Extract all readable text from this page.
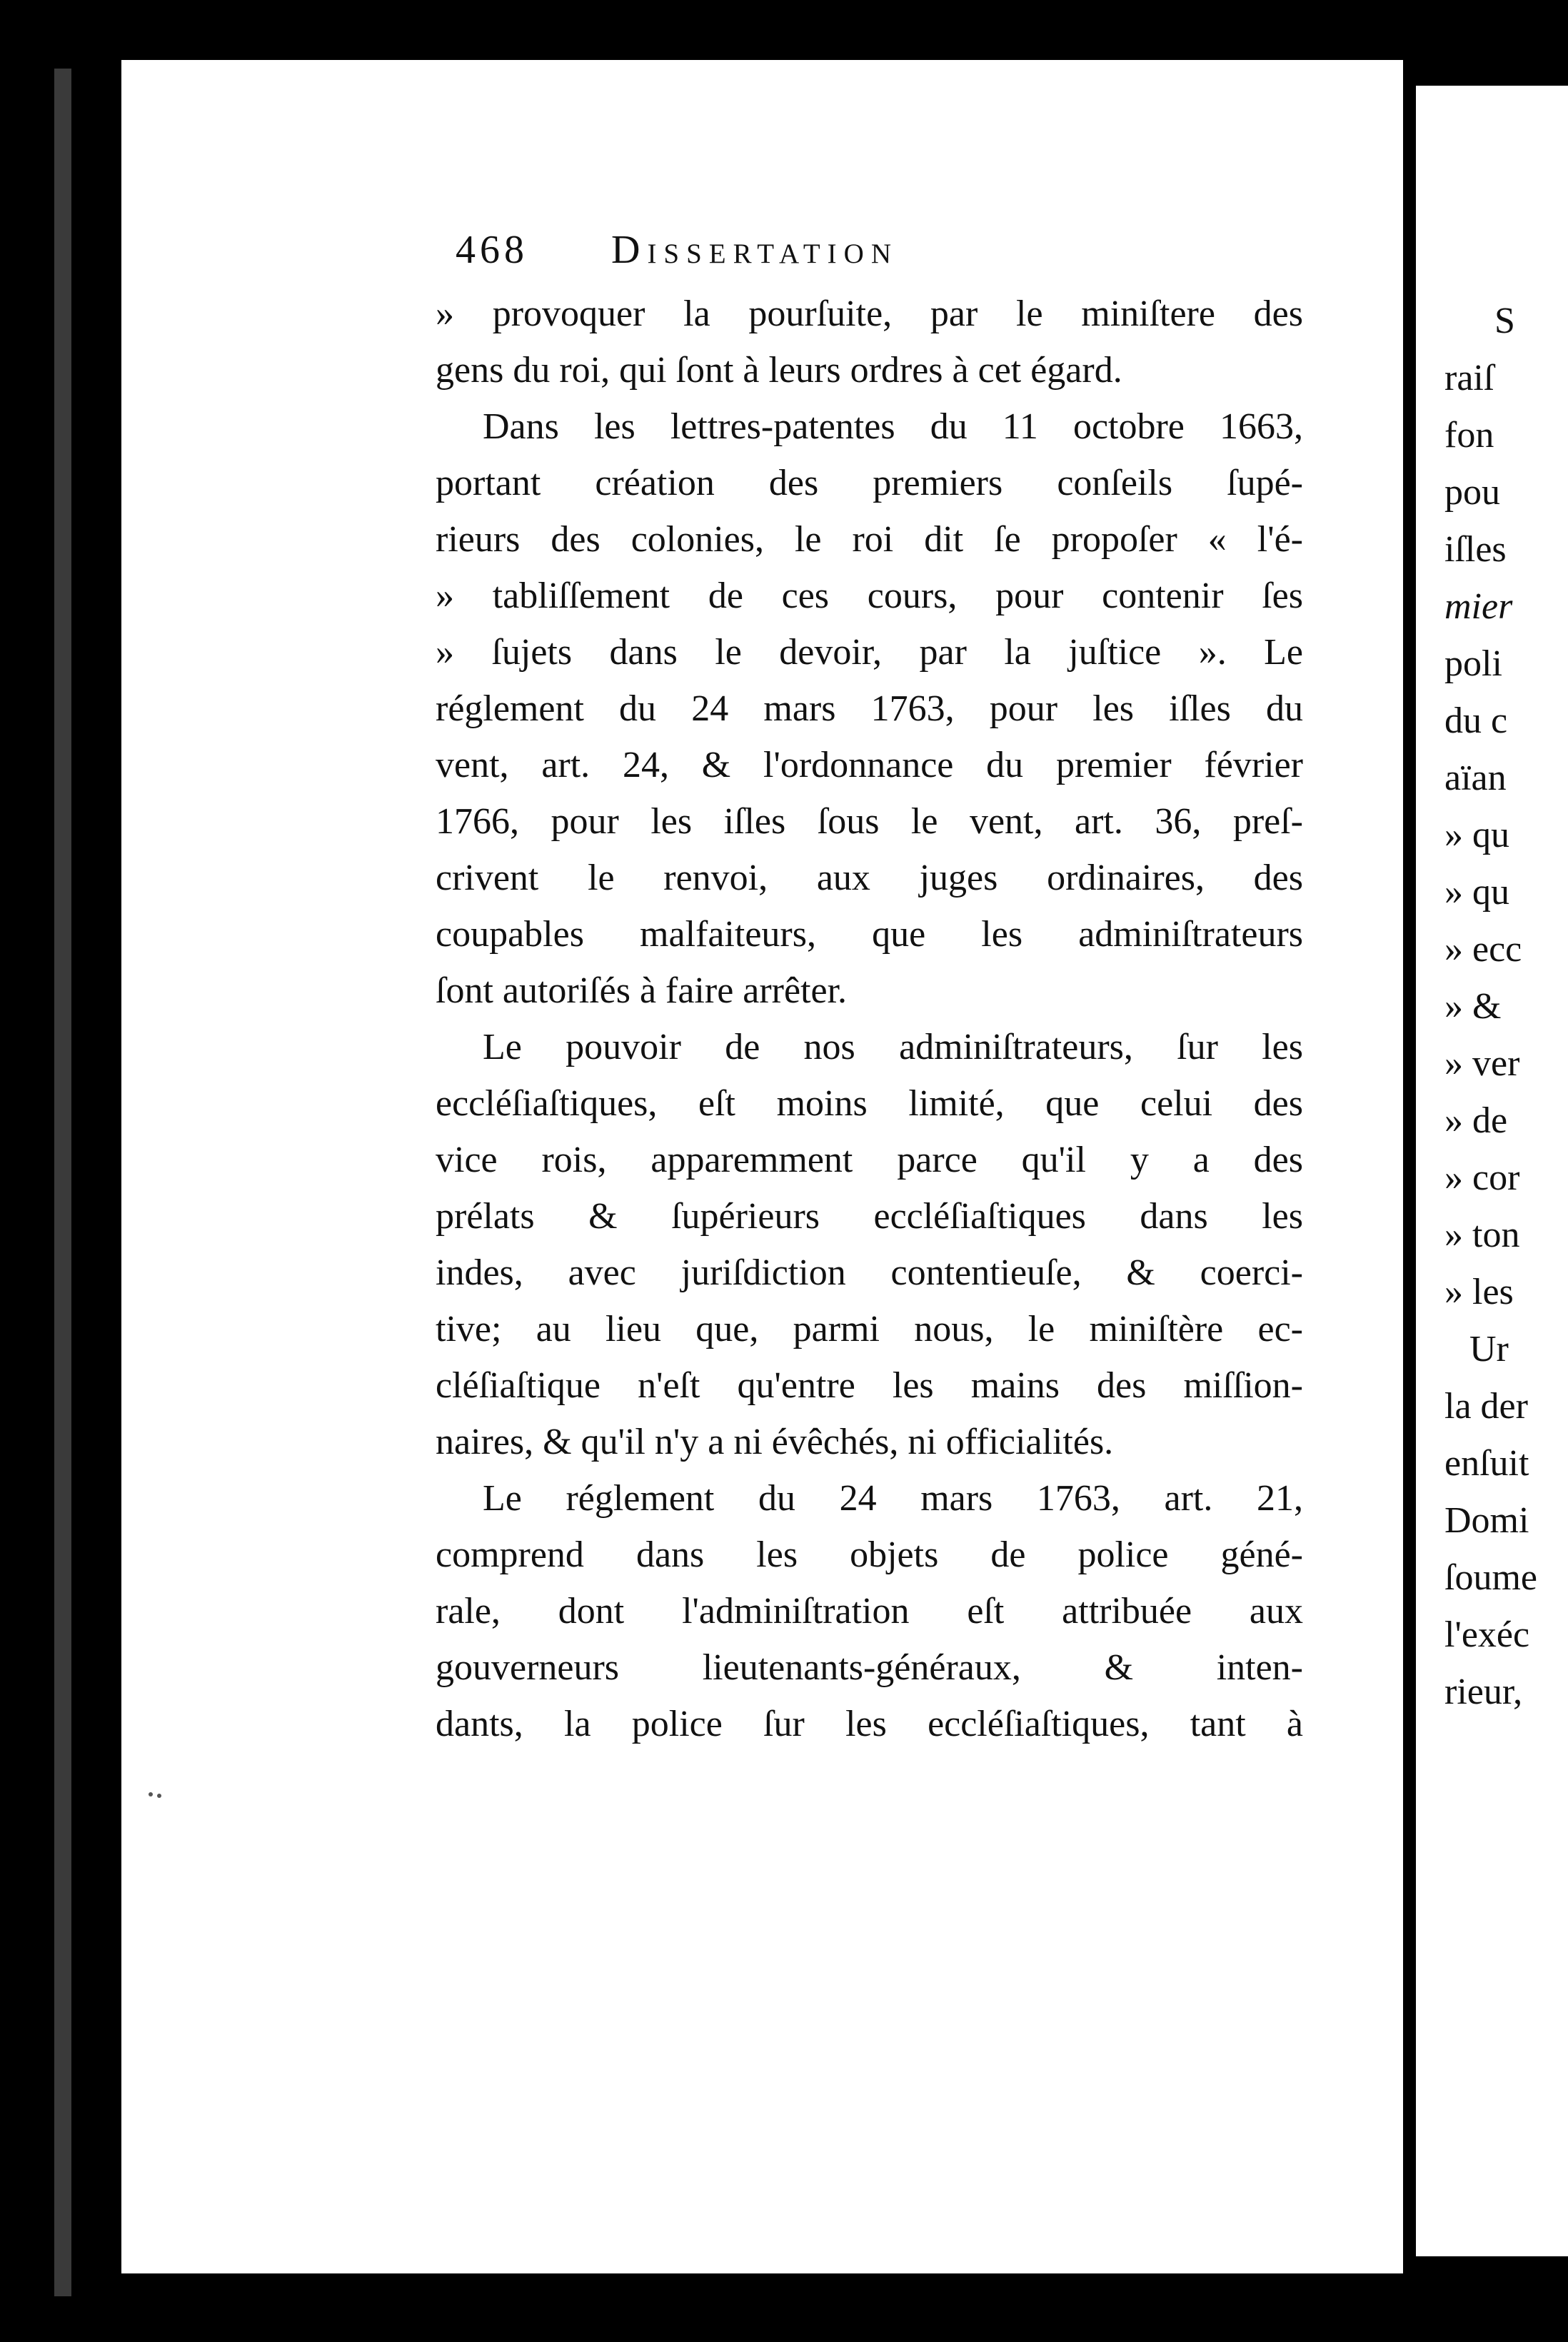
S
raiſ
fon
pou
iſles
mier
poli
du c
aïan
» qu
» qu
» ecc
» &
» ver
» de
» cor
» ton
» les
Ur
la der
enſuit
Domi
ſoume
l'exéc
rieur,
468 Dissertation
» provoquer la pourſuite, par le miniſtere des
gens du roi, qui ſont à leurs ordres à cet égard.
Dans les lettres-patentes du 11 octobre 1663,
portant création des premiers conſeils ſupé-
rieurs des colonies, le roi dit ſe propoſer « l'é-
» tabliſſement de ces cours, pour contenir ſes
» ſujets dans le devoir, par la juſtice ». Le
réglement du 24 mars 1763, pour les iſles du
vent, art. 24, & l'ordonnance du premier février
1766, pour les iſles ſous le vent, art. 36, preſ-
crivent le renvoi, aux juges ordinaires, des
coupables malfaiteurs, que les adminiſtrateurs
ſont autoriſés à faire arrêter.
Le pouvoir de nos adminiſtrateurs, ſur les
eccléſiaſtiques, eſt moins limité, que celui des
vice rois, apparemment parce qu'il y a des
prélats & ſupérieurs eccléſiaſtiques dans les
indes, avec juriſdiction contentieuſe, & coerci-
tive; au lieu que, parmi nous, le miniſtère ec-
cléſiaſtique n'eſt qu'entre les mains des miſſion-
naires, & qu'il n'y a ni évêchés, ni officialités.
Le réglement du 24 mars 1763, art. 21,
comprend dans les objets de police géné-
rale, dont l'adminiſtration eſt attribuée aux
gouverneurs lieutenants-généraux, & inten-
dants, la police ſur les eccléſiaſtiques, tant à
